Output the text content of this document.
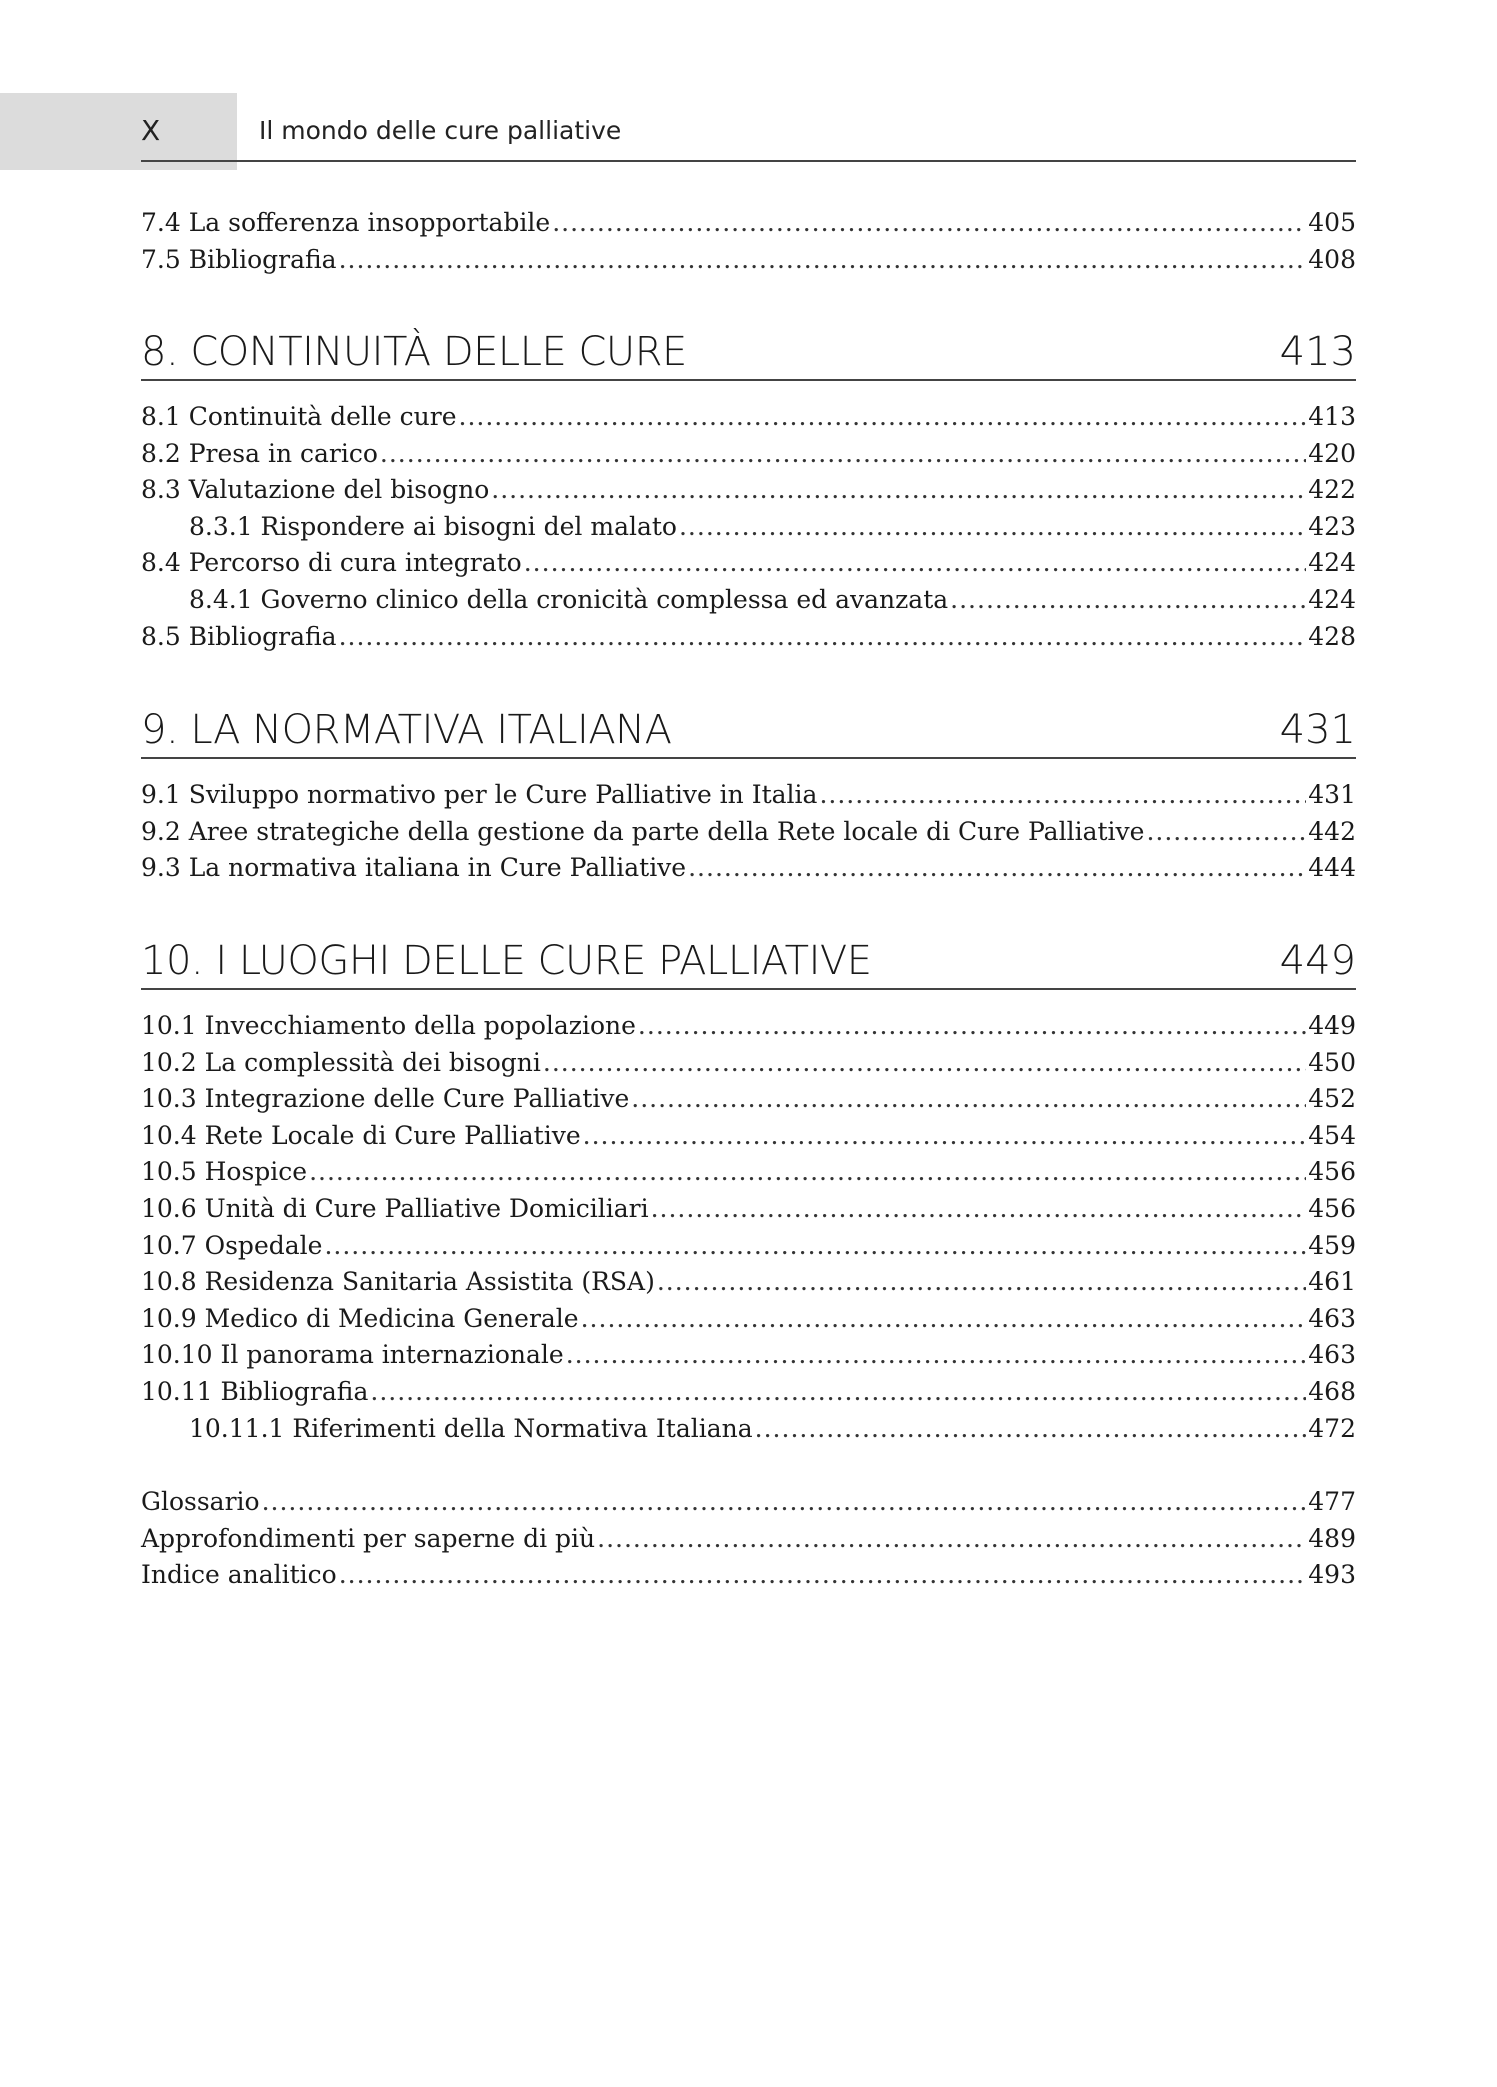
X	Il mondo delle cure palliative
7.4 La sofferenza insopportabile .....	405
7.5 Bibliografia .....	408
8. CONTINUITÀ DELLE CURE	413
8.1 Continuità delle cure .....	413
8.2 Presa in carico .....	420
8.3 Valutazione del bisogno .....	422
8.3.1 Rispondere ai bisogni del malato .....	423
8.4 Percorso di cura integrato .....	424
8.4.1 Governo clinico della cronicità complessa ed avanzata .....	424
8.5 Bibliografia .....	428
9. LA NORMATIVA ITALIANA	431
9.1 Sviluppo normativo per le Cure Palliative in Italia .....	431
9.2 Aree strategiche della gestione da parte della Rete locale di Cure Palliative .....	442
9.3 La normativa italiana in Cure Palliative .....	444
10. I LUOGHI DELLE CURE PALLIATIVE	449
10.1 Invecchiamento della popolazione .....	449
10.2 La complessità dei bisogni .....	450
10.3 Integrazione delle Cure Palliative .....	452
10.4 Rete Locale di Cure Palliative .....	454
10.5 Hospice .....	456
10.6 Unità di Cure Palliative Domiciliari .....	456
10.7 Ospedale .....	459
10.8 Residenza Sanitaria Assistita (RSA) .....	461
10.9 Medico di Medicina Generale .....	463
10.10 Il panorama internazionale .....	463
10.11 Bibliografia .....	468
10.11.1 Riferimenti della Normativa Italiana .....	472
Glossario .....	477
Approfondimenti per saperne di più .....	489
Indice analitico .....	493
